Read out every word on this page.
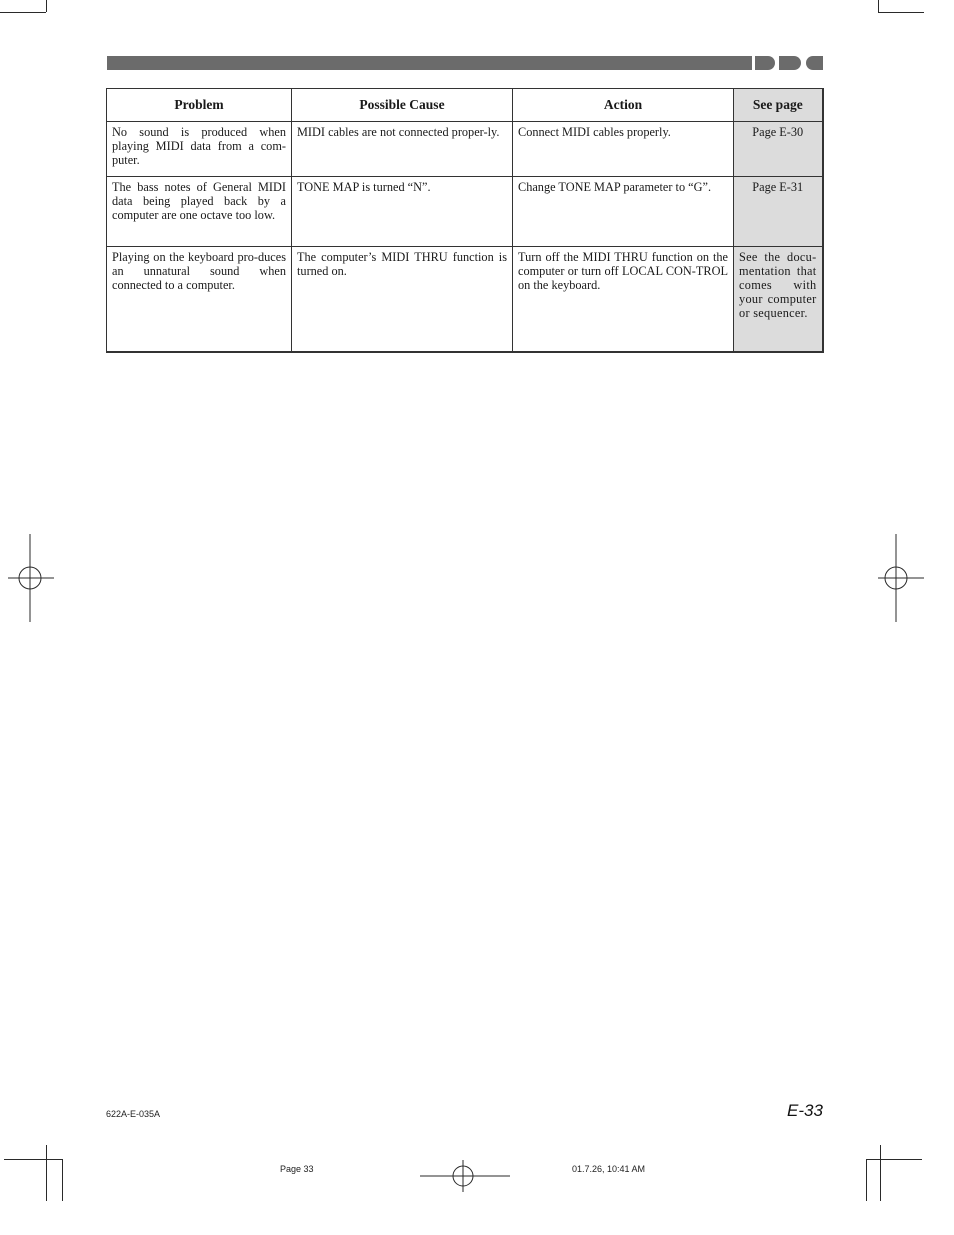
Problem	Possible Cause	Action	See page
No sound is produced when playing MIDI data from a com-puter.	MIDI cables are not connected proper-ly.	Connect MIDI cables properly.	Page E-30
The bass notes of General MIDI data being played back by a computer are one octave too low.	TONE MAP is turned “N”.	Change TONE MAP parameter to “G”.	Page E-31
Playing on the keyboard pro-duces an unnatural sound when connected to a computer.	The computer’s MIDI THRU function is turned on.	Turn off the MIDI THRU function on the computer or turn off LOCAL CON-TROL on the keyboard.	See the docu-mentation that comes with your computer or sequencer.
E-33
622A-E-035A
Page 33	01.7.26, 10:41 AM
